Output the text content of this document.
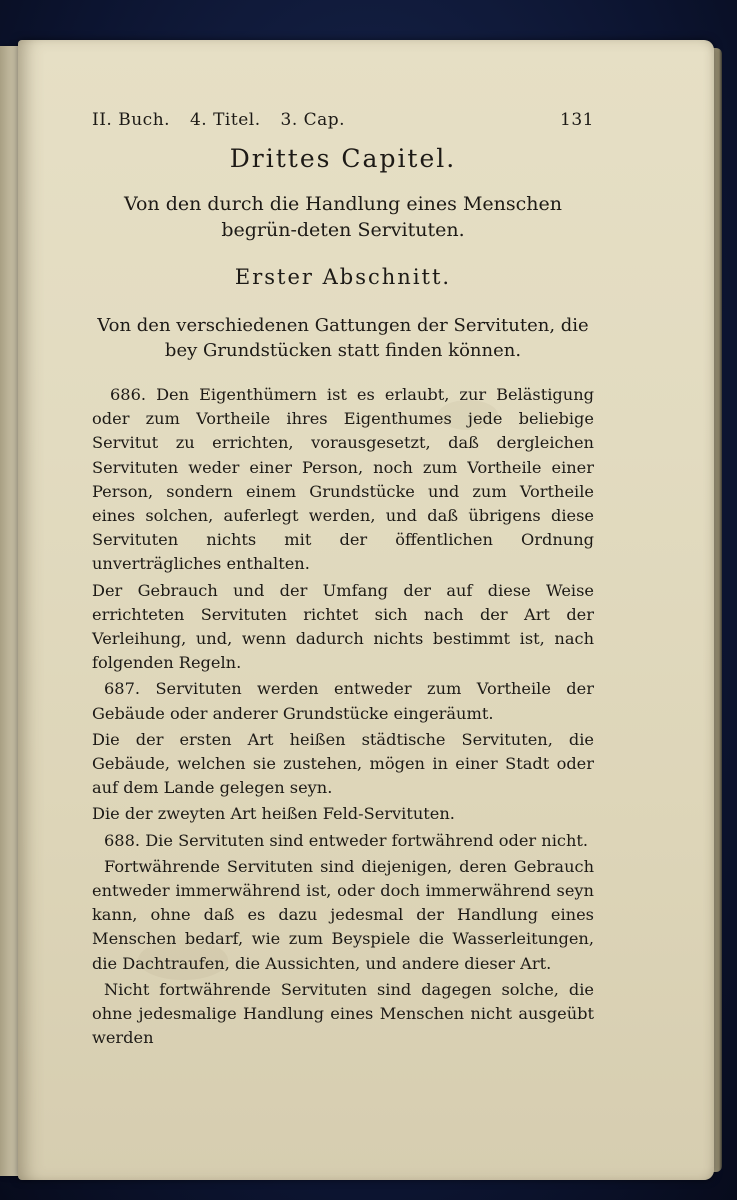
II. Buch. 4. Titel. 3. Cap.	131
Drittes Capitel.
Von den durch die Handlung eines Menschen begrün-deten Servituten.
Erster Abschnitt.
Von den verschiedenen Gattungen der Servituten, die bey Grundstücken statt finden können.

686. Den Eigenthümern ist es erlaubt, zur Belästigung oder zum Vortheile ihres Eigenthumes jede beliebige Servitut zu errichten, vorausgesetzt, daß dergleichen Servituten weder einer Person, noch zum Vortheile einer Person, sondern einem Grundstücke und zum Vortheile eines solchen, auferlegt werden, und daß übrigens diese Servituten nichts mit der öffentlichen Ordnung unverträgliches enthalten.

Der Gebrauch und der Umfang der auf diese Weise errichteten Servituten richtet sich nach der Art der Verleihung, und, wenn dadurch nichts bestimmt ist, nach folgenden Regeln.

687. Servituten werden entweder zum Vortheile der Gebäude oder anderer Grundstücke eingeräumt.

Die der ersten Art heißen städtische Servituten, die Gebäude, welchen sie zustehen, mögen in einer Stadt oder auf dem Lande gelegen seyn.

Die der zweyten Art heißen Feld-Servituten.

688. Die Servituten sind entweder fortwährend oder nicht.

Fortwährende Servituten sind diejenigen, deren Gebrauch entweder immerwährend ist, oder doch immerwährend seyn kann, ohne daß es dazu jedesmal der Handlung eines Menschen bedarf, wie zum Beyspiele die Wasserleitungen, die Dachtraufen, die Aussichten, und andere dieser Art.

Nicht fortwährende Servituten sind dagegen solche, die ohne jedesmalige Handlung eines Menschen nicht ausgeübt werden
